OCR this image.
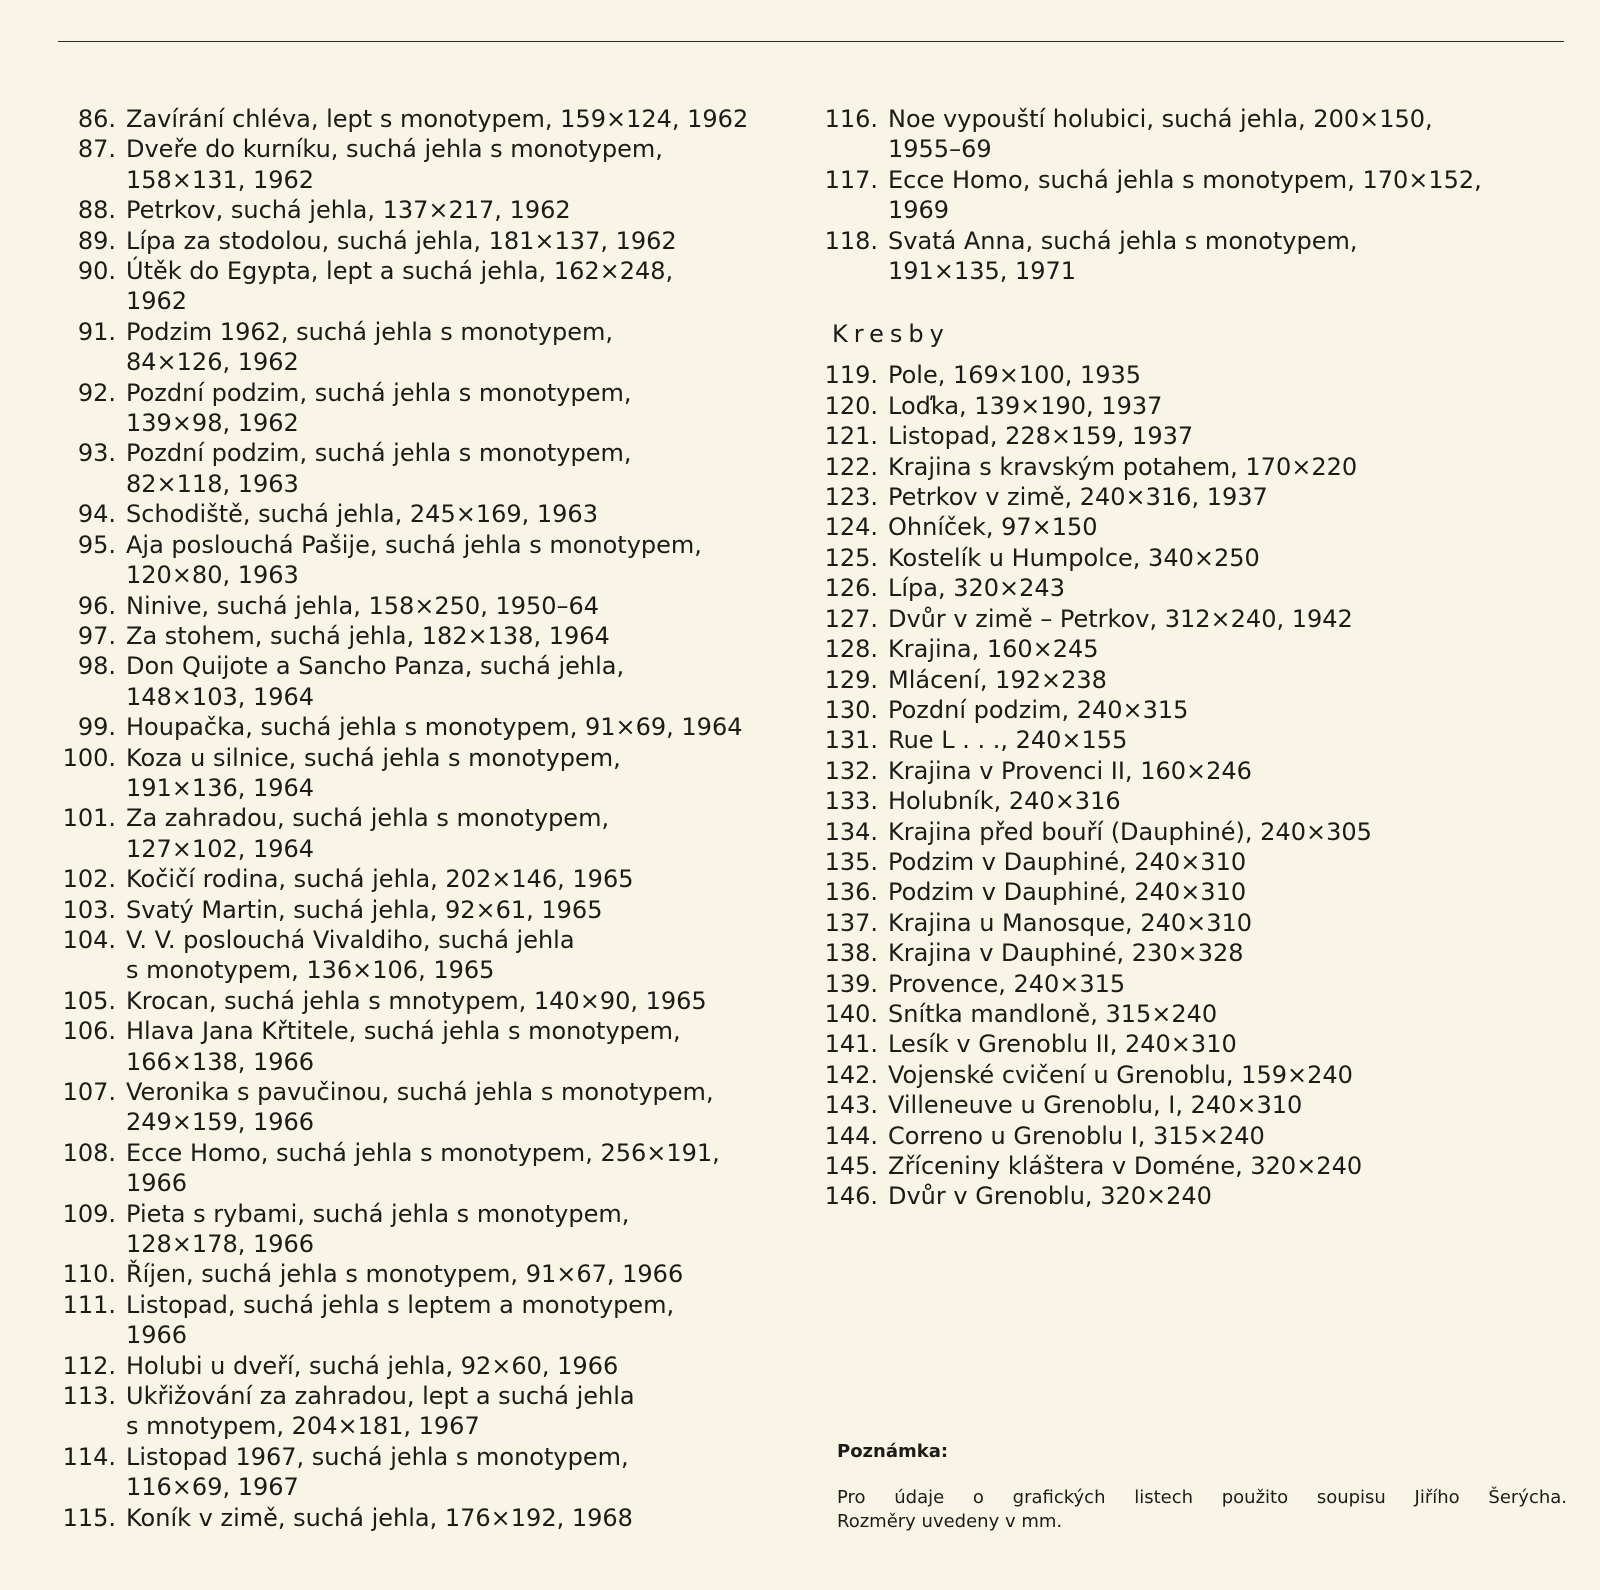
86. Zavírání chléva, lept s monotypem, 159×124, 1962
87. Dveře do kurníku, suchá jehla s monotypem,
158×131, 1962
88. Petrkov, suchá jehla, 137×217, 1962
89. Lípa za stodolou, suchá jehla, 181×137, 1962
90. Útěk do Egypta, lept a suchá jehla, 162×248,
1962
91. Podzim 1962, suchá jehla s monotypem,
84×126, 1962
92. Pozdní podzim, suchá jehla s monotypem,
139×98, 1962
93. Pozdní podzim, suchá jehla s monotypem,
82×118, 1963
94. Schodiště, suchá jehla, 245×169, 1963
95. Aja poslouchá Pašije, suchá jehla s monotypem,
120×80, 1963
96. Ninive, suchá jehla, 158×250, 1950–64
97. Za stohem, suchá jehla, 182×138, 1964
98. Don Quijote a Sancho Panza, suchá jehla,
148×103, 1964
99. Houpačka, suchá jehla s monotypem, 91×69, 1964
100. Koza u silnice, suchá jehla s monotypem,
191×136, 1964
101. Za zahradou, suchá jehla s monotypem,
127×102, 1964
102. Kočičí rodina, suchá jehla, 202×146, 1965
103. Svatý Martin, suchá jehla, 92×61, 1965
104. V. V. poslouchá Vivaldiho, suchá jehla
s monotypem, 136×106, 1965
105. Krocan, suchá jehla s mnotypem, 140×90, 1965
106. Hlava Jana Křtitele, suchá jehla s monotypem,
166×138, 1966
107. Veronika s pavučinou, suchá jehla s monotypem,
249×159, 1966
108. Ecce Homo, suchá jehla s monotypem, 256×191,
1966
109. Pieta s rybami, suchá jehla s monotypem,
128×178, 1966
110. Říjen, suchá jehla s monotypem, 91×67, 1966
111. Listopad, suchá jehla s leptem a monotypem,
1966
112. Holubi u dveří, suchá jehla, 92×60, 1966
113. Ukřižování za zahradou, lept a suchá jehla
s mnotypem, 204×181, 1967
114. Listopad 1967, suchá jehla s monotypem,
116×69, 1967
115. Koník v zimě, suchá jehla, 176×192, 1968
116. Noe vypouští holubici, suchá jehla, 200×150,
1955–69
117. Ecce Homo, suchá jehla s monotypem, 170×152,
1969
118. Svatá Anna, suchá jehla s monotypem,
191×135, 1971
Kresby
119. Pole, 169×100, 1935
120. Loďka, 139×190, 1937
121. Listopad, 228×159, 1937
122. Krajina s kravským potahem, 170×220
123. Petrkov v zimě, 240×316, 1937
124. Ohníček, 97×150
125. Kostelík u Humpolce, 340×250
126. Lípa, 320×243
127. Dvůr v zimě – Petrkov, 312×240, 1942
128. Krajina, 160×245
129. Mlácení, 192×238
130. Pozdní podzim, 240×315
131. Rue L . . ., 240×155
132. Krajina v Provenci II, 160×246
133. Holubník, 240×316
134. Krajina před bouří (Dauphiné), 240×305
135. Podzim v Dauphiné, 240×310
136. Podzim v Dauphiné, 240×310
137. Krajina u Manosque, 240×310
138. Krajina v Dauphiné, 230×328
139. Provence, 240×315
140. Snítka mandloně, 315×240
141. Lesík v Grenoblu II, 240×310
142. Vojenské cvičení u Grenoblu, 159×240
143. Villeneuve u Grenoblu, I, 240×310
144. Correno u Grenoblu I, 315×240
145. Zříceniny kláštera v Doméne, 320×240
146. Dvůr v Grenoblu, 320×240
Poznámka:
Pro údaje o grafických listech použito soupisu Jiřího Šerýcha.
Rozměry uvedeny v mm.
